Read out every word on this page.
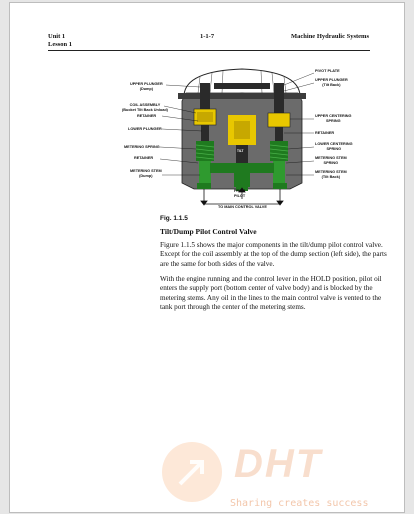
Unit 1
Lesson 1
1-1-7	Machine Hydraulic Systems
UPPER PLUNGER
(Dump)
COIL ASSEMBLY
(Bucket Tilt Back Unload)
RETAINER
LOWER PLUNGER
METERING SPRING
RETAINER
METERING STEM
(Dump)
PIVOT PLATE
UPPER PLUNGER
(Tilt Back)
UPPER CENTERING
SPRING
RETAINER
LOWER CENTERING
SPRING
METERING STEM
SPRING
METERING STEM
(Tilt Back)
TILT
FROM
PILOT
TO MAIN CONTROL VALVE
Fig. 1.1.5
Tilt/Dump Pilot Control Valve
Figure 1.1.5 shows the major components in the tilt/dump pilot control valve. Except for the coil assembly at the top of the dump section (left side), the parts are the same for both sides of the valve.
With the engine running and the control lever in the HOLD position, pilot oil enters the supply port (bottom center of valve body) and is blocked by the metering stems. Any oil in the lines to the main control valve is vented to the tank port through the center of the metering stems.
DHT
Sharing creates success
